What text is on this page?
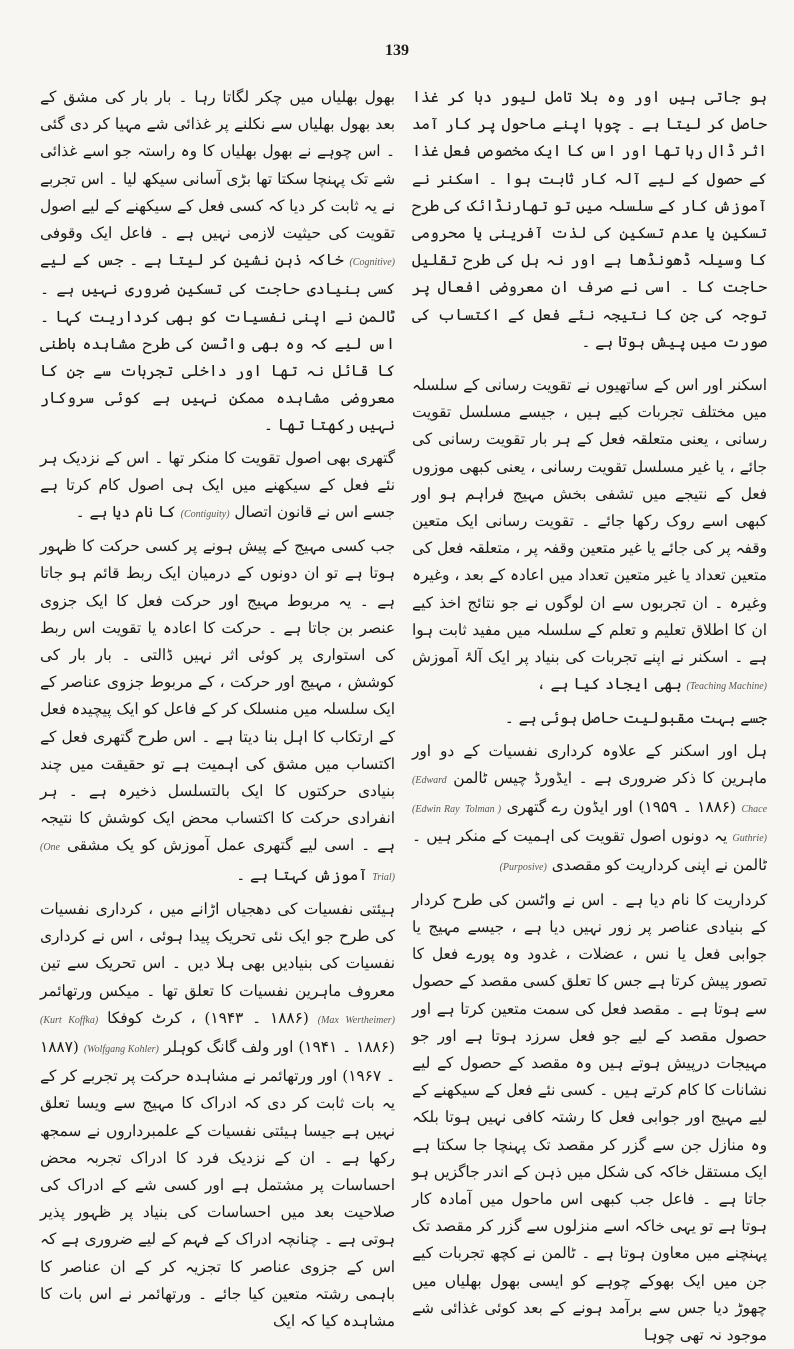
139

ہو جاتی ہیں اور وہ بلا تامل لیور دبا کر غذا حاصل کر لیتا ہے ۔ چوہا اپنے ماحول پر کار آمد اثر ڈال رہا تھا اور اس کا ایک مخصوص فعل غذا کے حصول کے لیے آلہ کار ثابت ہوا ۔ اسکنر نے آموزش کار کے سلسلہ میں تو تھارنڈائک کی طرح تسکین یا عدم تسکین کی لذت آفرینی یا محرومی کا وسیلہ ڈھونڈھا ہے اور نہ ہل کی طرح تقلیل حاجت کا ۔ اسی نے صرف ان معروضی افعال پر توجہ کی جن کا نتیجہ نئے فعل کے اکتساب کی صورت میں پیش ہوتا ہے ۔

اسکنر اور اس کے ساتھیوں نے تقویت رسانی کے سلسلہ میں مختلف تجربات کیے ہیں ، جیسے مسلسل تقویت رسانی ، یعنی متعلقہ فعل کے ہر بار تقویت رسانی کی جائے ، یا غیر مسلسل تقویت رسانی ، یعنی کبھی موزوں فعل کے نتیجے میں تشفی بخش مہیج فراہم ہو اور کبھی اسے روک رکھا جائے ۔ تقویت رسانی ایک متعین وقفہ پر کی جائے یا غیر متعین وقفہ پر ، متعلقہ فعل کی متعین تعداد یا غیر متعین تعداد میں اعادہ کے بعد ، وغیرہ وغیرہ ۔ ان تجربوں سے ان لوگوں نے جو نتائج اخذ کیے ان کا اطلاق تعلیم و تعلم کے سلسلہ میں مفید ثابت ہوا ہے ۔ اسکنر نے اپنے تجربات کی بنیاد پر ایک آلۂ آموزش (Teaching Machine) بھی ایجاد کیا ہے ،

جسے بہت مقبولیت حاصل ہوئی ہے ۔

ہل اور اسکنر کے علاوہ کرداری نفسیات کے دو اور ماہرین کا ذکر ضروری ہے ۔ ایڈورڈ چیس ٹالمن (Edward Chace (۱۸۸۶ ۔ ۱۹۵۹) اور ایڈون رے گتھری Tolman ) (Edwin Ray Guthrie) یہ دونوں اصول تقویت کی اہمیت کے منکر ہیں ۔ ٹالمن نے اپنی کرداریت کو مقصدی (Purposive)

کرداریت کا نام دیا ہے ۔ اس نے واٹسن کی طرح کردار کے بنیادی عناصر پر زور نہیں دیا ہے ، جیسے مہیج یا جوابی فعل یا نس ، عضلات ، غدود وہ پورے فعل کا تصور پیش کرتا ہے جس کا تعلق کسی مقصد کے حصول سے ہوتا ہے ۔ مقصد فعل کی سمت متعین کرتا ہے اور حصول مقصد کے لیے جو فعل سرزد ہوتا ہے اور جو مہیجات درپیش ہوتے ہیں وہ مقصد کے حصول کے لیے نشانات کا کام کرتے ہیں ۔ کسی نئے فعل کے سیکھنے کے لیے مہیج اور جوابی فعل کا رشتہ کافی نہیں ہوتا بلکہ وہ منازل جن سے گزر کر مقصد تک پہنچا جا سکتا ہے ایک مستقل خاکہ کی شکل میں ذہن کے اندر جاگزیں ہو جاتا ہے ۔ فاعل جب کبھی اس ماحول میں آمادہ کار ہوتا ہے تو یہی خاکہ اسے منزلوں سے گزر کر مقصد تک پہنچنے میں معاون ہوتا ہے ۔ ٹالمن نے کچھ تجربات کیے جن میں ایک بھوکے چوہے کو ایسی بھول بھلیاں میں چھوڑ دیا جس سے برآمد ہونے کے بعد کوئی غذائی شے موجود نہ تھی چوہا

بھول بھلیاں میں چکر لگاتا رہا ۔ بار بار کی مشق کے بعد بھول بھلیاں سے نکلنے پر غذائی شے مہیا کر دی گئی ۔ اس چوہے نے بھول بھلیاں کا وہ راستہ جو اسے غذائی شے تک پہنچا سکتا تھا بڑی آسانی سیکھ لیا ۔ اس تجربے نے یہ ثابت کر دیا کہ کسی فعل کے سیکھنے کے لیے اصول تقویت کی حیثیت لازمی نہیں ہے ۔ فاعل ایک وقوفی (Cognitive) خاکہ ذہن نشین کر لیتا ہے ۔ جس کے لیے کسی بنیادی حاجت کی تسکین ضروری نہیں ہے ۔ ٹالمن نے اپنی نفسیات کو بھی کرداریت کہا ۔ اس لیے کہ وہ بھی واٹسن کی طرح مشاہدہ باطنی کا قائل نہ تھا اور داخلی تجربات سے جن کا معروضی مشاہدہ ممکن نہیں ہے کوئی سروکار نہیں رکھتا تھا ۔

گتھری بھی اصول تقویت کا منکر تھا ۔ اس کے نزدیک ہر نئے فعل کے سیکھنے میں ایک ہی اصول کام کرتا ہے جسے اس نے قانون اتصال (Contiguity) کا نام دیا ہے ۔

جب کسی مہیج کے پیش ہونے پر کسی حرکت کا ظہور ہوتا ہے تو ان دونوں کے درمیان ایک ربط قائم ہو جاتا ہے ۔ یہ مربوط مہیج اور حرکت فعل کا ایک جزوی عنصر بن جاتا ہے ۔ حرکت کا اعادہ یا تقویت اس ربط کی استواری پر کوئی اثر نہیں ڈالتی ۔ بار بار کی کوشش ، مہیج اور حرکت ، کے مربوط جزوی عناصر کے ایک سلسلہ میں منسلک کر کے فاعل کو ایک پیچیدہ فعل کے ارتکاب کا اہل بنا دیتا ہے ۔ اس طرح گتھری فعل کے اکتساب میں مشق کی اہمیت ہے تو حقیقت میں چند بنیادی حرکتوں کا ایک بالتسلسل ذخیرہ ہے ۔ ہر انفرادی حرکت کا اکتساب محض ایک کوشش کا نتیجہ ہے ۔ اسی لیے گتھری عمل آموزش کو یک مشقی (One Trial) آموزش کہتا ہے ۔

ہیئتی نفسیات کی دھجیاں اڑانے میں ، کرداری نفسیات کی طرح جو ایک نئی تحریک پیدا ہوئی ، اس نے کرداری نفسیات کی بنیادیں بھی ہلا دیں ۔ اس تحریک سے تین معروف ماہرین نفسیات کا تعلق تھا ۔ میکس ورتھائمر (Max Wertheimer) (۱۸۸۶ ۔ ۱۹۴۳) ، کرٹ کوفکا (Kurt Koffka) (۱۸۸۶ ۔ ۱۹۴۱) اور ولف گانگ کوہلر (Wolfgang Kohler) (۱۸۸۷ ۔ ۱۹۶۷) اور ورتھائمر نے مشاہدہ حرکت پر تجربے کر کے یہ بات ثابت کر دی کہ ادراک کا مہیج سے ویسا تعلق نہیں ہے جیسا ہیئتی نفسیات کے علمبرداروں نے سمجھ رکھا ہے ۔ ان کے نزدیک فرد کا ادراک تجربہ محض احساسات پر مشتمل ہے اور کسی شے کے ادراک کی صلاحیت بعد میں احساسات کی بنیاد پر ظہور پذیر ہوتی ہے ۔ چنانچہ ادراک کے فہم کے لیے ضروری ہے کہ اس کے جزوی عناصر کا تجزیہ کر کے ان عناصر کا باہمی رشتہ متعین کیا جائے ۔ ورتھائمر نے اس بات کا مشاہدہ کیا کہ ایک
